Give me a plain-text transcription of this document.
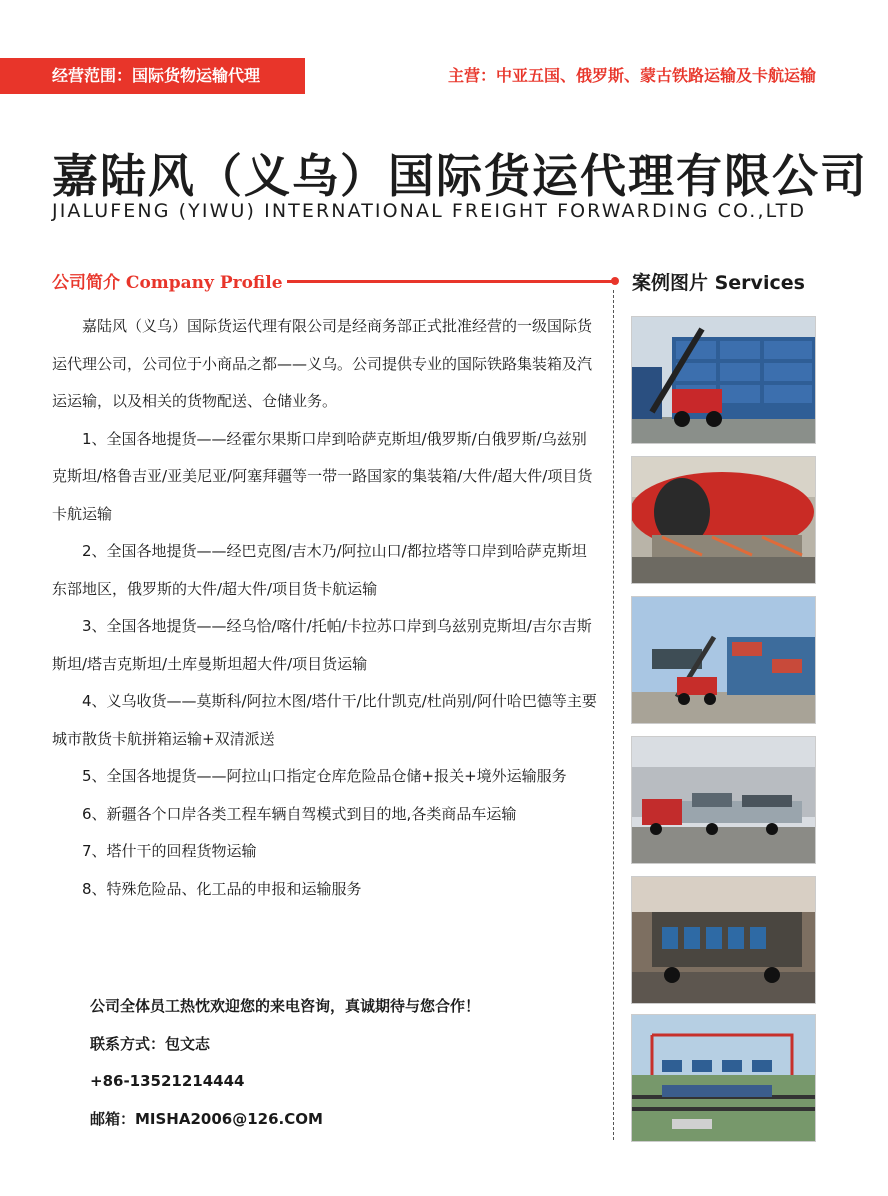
经营范围：国际货物运输代理	主营：中亚五国、俄罗斯、蒙古铁路运输及卡航运输
嘉陆风（义乌）国际货运代理有限公司
JIALUFENG (YIWU) INTERNATIONAL FREIGHT FORWARDING CO.,LTD
公司简介 Company Profile

嘉陆风（义乌）国际货运代理有限公司是经商务部正式批准经营的一级国际货运代理公司，公司位于小商品之都——义乌。公司提供专业的国际铁路集装箱及汽运运输，以及相关的货物配送、仓储业务。

1、全国各地提货——经霍尔果斯口岸到哈萨克斯坦/俄罗斯/白俄罗斯/乌兹别克斯坦/格鲁吉亚/亚美尼亚/阿塞拜疆等一带一路国家的集装箱/大件/超大件/项目货卡航运输

2、全国各地提货——经巴克图/吉木乃/阿拉山口/都拉塔等口岸到哈萨克斯坦东部地区，俄罗斯的大件/超大件/项目货卡航运输

3、全国各地提货——经乌恰/喀什/托帕/卡拉苏口岸到乌兹别克斯坦/吉尔吉斯斯坦/塔吉克斯坦/土库曼斯坦超大件/项目货运输

4、义乌收货——莫斯科/阿拉木图/塔什干/比什凯克/杜尚别/阿什哈巴德等主要城市散货卡航拼箱运输+双清派送

5、全国各地提货——阿拉山口指定仓库危险品仓储+报关+境外运输服务

6、新疆各个口岸各类工程车辆自驾模式到目的地,各类商品车运输

7、塔什干的回程货物运输

8、特殊危险品、化工品的申报和运输服务

公司全体员工热忱欢迎您的来电咨询，真诚期待与您合作！
联系方式：包文志
+86-13521214444
邮箱：MISHA2006@126.COM
案例图片 Services
